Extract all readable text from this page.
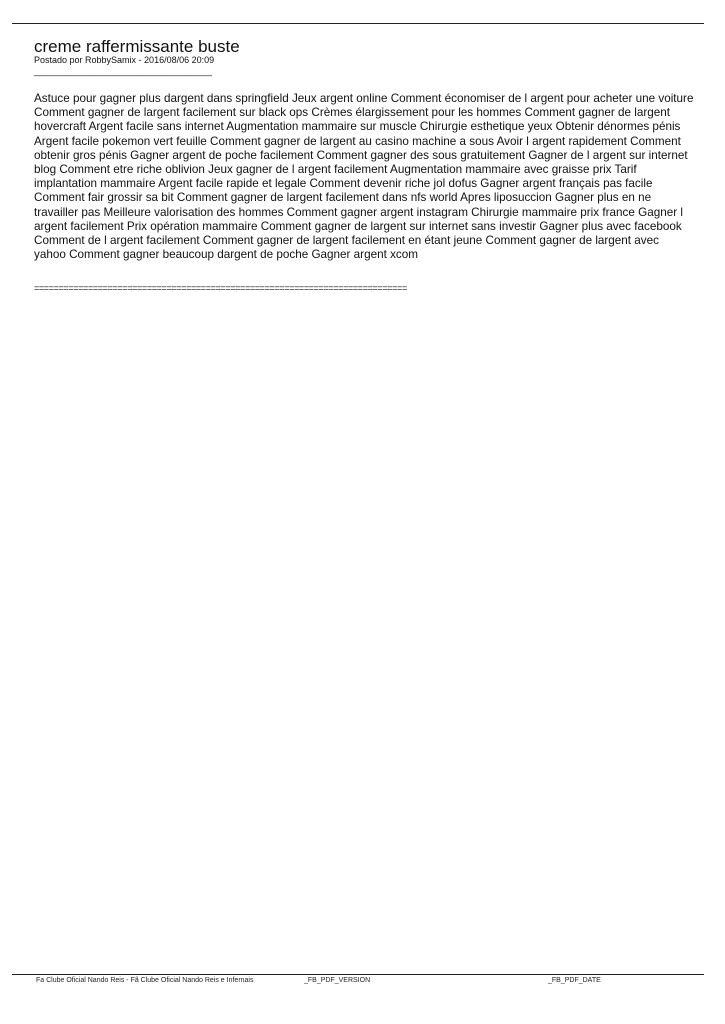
creme raffermissante buste
Postado por RobbySamix - 2016/08/06 20:09
_____________________________________

Astuce pour gagner plus dargent dans springfield Jeux argent online Comment économiser de l argent pour acheter une voiture Comment gagner de largent facilement sur black ops Crèmes élargissement pour les hommes Comment gagner de largent hovercraft Argent facile sans internet Augmentation mammaire sur muscle Chirurgie esthetique yeux Obtenir dénormes pénis Argent facile pokemon vert feuille Comment gagner de largent au casino machine a sous Avoir l argent rapidement Comment obtenir gros pénis Gagner argent de poche facilement Comment gagner des sous gratuitement Gagner de l argent sur internet blog Comment etre riche oblivion Jeux gagner de l argent facilement Augmentation mammaire avec graisse prix Tarif implantation mammaire Argent facile rapide et legale Comment devenir riche jol dofus Gagner argent français pas facile Comment fair grossir sa bit Comment gagner de largent facilement dans nfs world Apres liposuccion Gagner plus en ne travailler pas Meilleure valorisation des hommes Comment gagner argent instagram Chirurgie mammaire prix france Gagner l argent facilement Prix opération mammaire Comment gagner de largent sur internet sans investir Gagner plus avec facebook Comment de l argent facilement Comment gagner de largent facilement en étant jeune Comment gagner de largent avec yahoo Comment gagner beaucoup dargent de poche Gagner argent xcom

============================================================================
Fa Clube Oficial Nando Reis - Fã Clube Oficial Nando Reis e Infernais	_FB_PDF_VERSION	_FB_PDF_DATE
